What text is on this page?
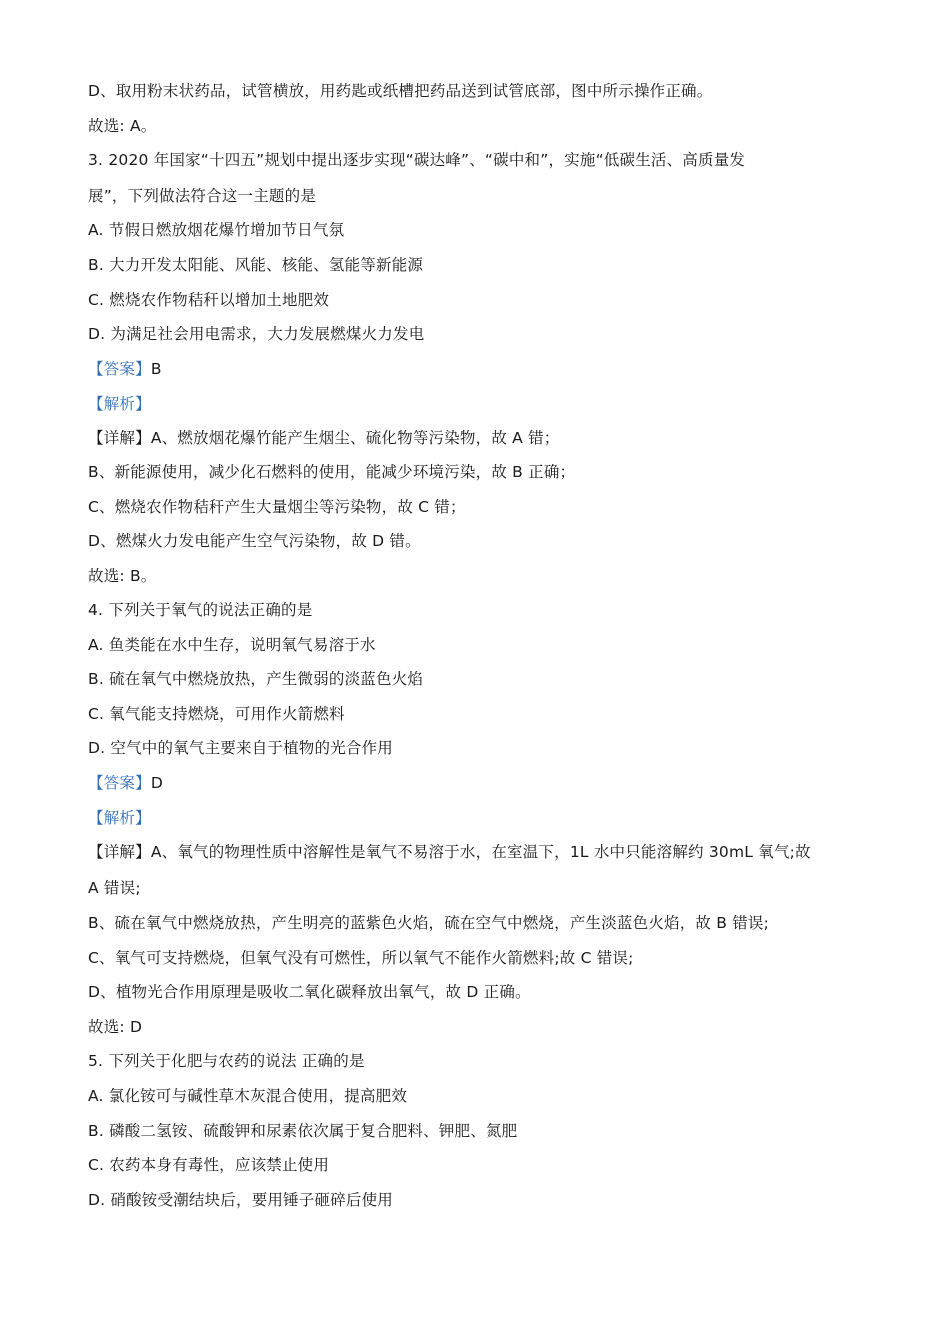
D、取用粉末状药品，试管横放，用药匙或纸槽把药品送到试管底部，图中所示操作正确。
故选: A。
3. 2020 年国家“十四五”规划中提出逐步实现“碳达峰”、“碳中和”，实施“低碳生活、高质量发
展”，下列做法符合这一主题的是
A. 节假日燃放烟花爆竹增加节日气氛
B. 大力开发太阳能、风能、核能、氢能等新能源
C. 燃烧农作物秸秆以增加土地肥效
D. 为满足社会用电需求，大力发展燃煤火力发电
【答案】B
【解析】
【详解】A、燃放烟花爆竹能产生烟尘、硫化物等污染物，故 A 错；
B、新能源使用，减少化石燃料的使用，能减少环境污染，故 B 正确；
C、燃烧农作物秸秆产生大量烟尘等污染物，故 C 错；
D、燃煤火力发电能产生空气污染物，故 D 错。
故选: B。
4. 下列关于氧气的说法正确的是
A. 鱼类能在水中生存，说明氧气易溶于水
B. 硫在氧气中燃烧放热，产生微弱的淡蓝色火焰
C. 氧气能支持燃烧，可用作火箭燃料
D. 空气中的氧气主要来自于植物的光合作用
【答案】D
【解析】
【详解】A、氧气的物理性质中溶解性是氧气不易溶于水，在室温下，1L 水中只能溶解约 30mL 氧气;故
A 错误;
B、硫在氧气中燃烧放热，产生明亮的蓝紫色火焰，硫在空气中燃烧，产生淡蓝色火焰，故 B 错误;
C、氧气可支持燃烧，但氧气没有可燃性，所以氧气不能作火箭燃料;故 C 错误;
D、植物光合作用原理是吸收二氧化碳释放出氧气，故 D 正确。
故选: D
5. 下列关于化肥与农药的说法 正确的是
A. 氯化铵可与碱性草木灰混合使用，提高肥效
B. 磷酸二氢铵、硫酸钾和尿素依次属于复合肥料、钾肥、氮肥
C. 农药本身有毒性，应该禁止使用
D. 硝酸铵受潮结块后，要用锤子砸碎后使用
